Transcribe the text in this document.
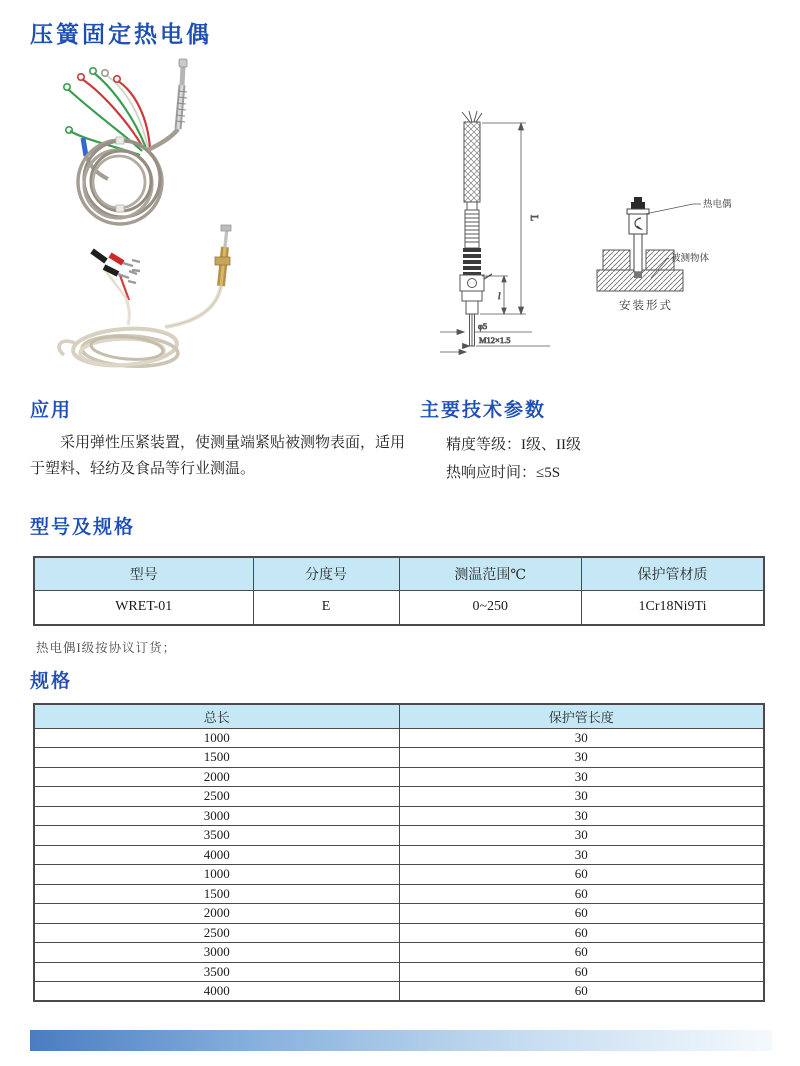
压簧固定热电偶
L
l
φ5
M12×1.5
热电偶
被测物体
安装形式
应用

采用弹性压紧装置，使测量端紧贴被测物表面，适用于塑料、轻纺及食品等行业测温。

主要技术参数
精度等级：I级、II级
热响应时间：≤5S
型号及规格
型号	分度号	测温范围℃	保护管材质
WRET-01	E	0~250	1Cr18Ni9Ti

热电偶I级按协议订货；

规格
总长	保护管长度
1000	30
1500	30
2000	30
2500	30
3000	30
3500	30
4000	30
1000	60
1500	60
2000	60
2500	60
3000	60
3500	60
4000	60
